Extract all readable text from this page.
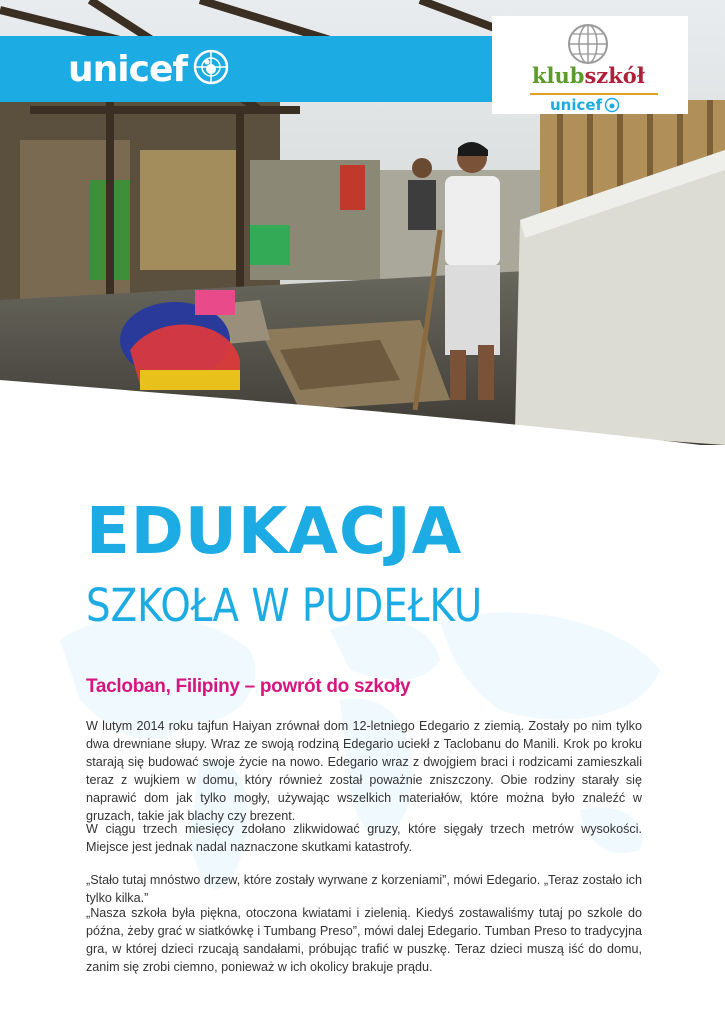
unicef	klubszkół
unicef
EDUKACJA
SZKOŁA W PUDEŁKU
Tacloban, Filipiny – powrót do szkoły

W lutym 2014 roku tajfun Haiyan zrównał dom 12-letniego Edegario z ziemią. Zostały po nim tylko dwa drewniane słupy. Wraz ze swoją rodziną Edegario uciekł z Taclobanu do Manili. Krok po kroku starają się budować swoje życie na nowo. Edegario wraz z dwojgiem braci i rodzicami zamieszkali teraz z wujkiem w domu, który również został poważnie zniszczony. Obie rodziny starały się naprawić dom jak tylko mogły, używając wszelkich materiałów, które można było znaleźć w gruzach, takie jak blachy czy brezent.

W ciągu trzech miesięcy zdołano zlikwidować gruzy, które sięgały trzech metrów wysokości. Miejsce jest jednak nadal naznaczone skutkami katastrofy.

„Stało tutaj mnóstwo drzew, które zostały wyrwane z korzeniami”, mówi Edegario. „Teraz zostało ich tylko kilka.”

„Nasza szkoła była piękna, otoczona kwiatami i zielenią. Kiedyś zostawaliśmy tutaj po szkole do późna, żeby grać w siatkówkę i Tumbang Preso”, mówi dalej Edegario. Tumban Preso to tradycyjna gra, w której dzieci rzucają sandałami, próbując trafić w puszkę. Teraz dzieci muszą iść do domu, zanim się zrobi ciemno, ponieważ w ich okolicy brakuje prądu.
